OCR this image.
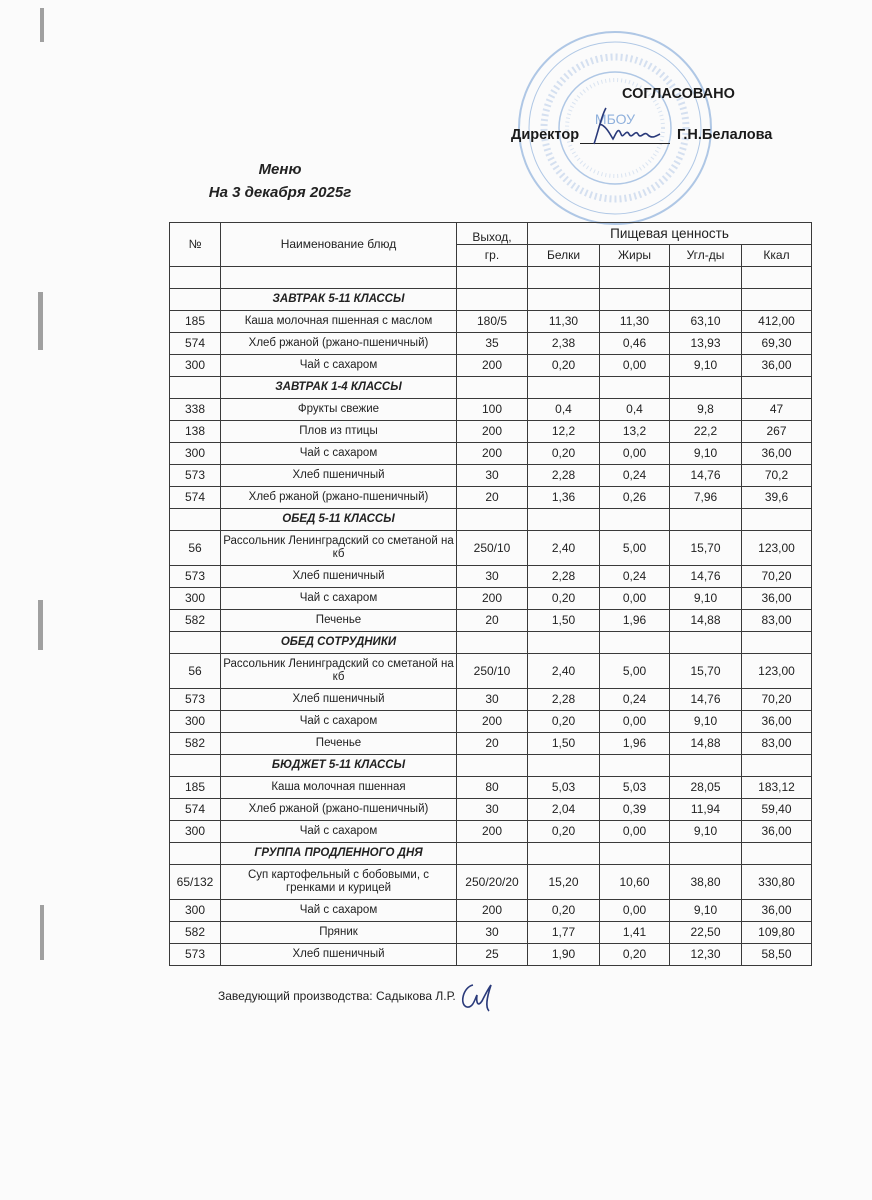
МБОУ
СОГЛАСОВАНО
Директор	Г.Н.Белалова
Меню
На 3 декабря 2025г
№	Наименование блюд	Выход,	Пищевая ценность			
		гр.	Белки	Жиры	Угл-ды	Ккал

	ЗАВТРАК 5-11 КЛАССЫ					
185	Каша молочная пшенная с маслом	180/5	11,30	11,30	63,10	412,00
574	Хлеб ржаной (ржано-пшеничный)	35	2,38	0,46	13,93	69,30
300	Чай с сахаром	200	0,20	0,00	9,10	36,00
	ЗАВТРАК 1-4 КЛАССЫ					
338	Фрукты свежие	100	0,4	0,4	9,8	47
138	Плов из птицы	200	12,2	13,2	22,2	267
300	Чай с сахаром	200	0,20	0,00	9,10	36,00
573	Хлеб пшеничный	30	2,28	0,24	14,76	70,2
574	Хлеб ржаной (ржано-пшеничный)	20	1,36	0,26	7,96	39,6
	ОБЕД 5-11 КЛАССЫ					
56	Рассольник Ленинградский со сметаной на кб	250/10	2,40	5,00	15,70	123,00
573	Хлеб пшеничный	30	2,28	0,24	14,76	70,20
300	Чай с сахаром	200	0,20	0,00	9,10	36,00
582	Печенье	20	1,50	1,96	14,88	83,00
	ОБЕД СОТРУДНИКИ					
56	Рассольник Ленинградский со сметаной на кб	250/10	2,40	5,00	15,70	123,00
573	Хлеб пшеничный	30	2,28	0,24	14,76	70,20
300	Чай с сахаром	200	0,20	0,00	9,10	36,00
582	Печенье	20	1,50	1,96	14,88	83,00
	БЮДЖЕТ 5-11 КЛАССЫ					
185	Каша молочная пшенная	80	5,03	5,03	28,05	183,12
574	Хлеб ржаной (ржано-пшеничный)	30	2,04	0,39	11,94	59,40
300	Чай с сахаром	200	0,20	0,00	9,10	36,00
	ГРУППА ПРОДЛЕННОГО ДНЯ					
65/132	Суп картофельный с бобовыми, с гренками и курицей	250/20/20	15,20	10,60	38,80	330,80
300	Чай с сахаром	200	0,20	0,00	9,10	36,00
582	Пряник	30	1,77	1,41	22,50	109,80
573	Хлеб пшеничный	25	1,90	0,20	12,30	58,50
Заведующий производства: Садыкова Л.Р.
